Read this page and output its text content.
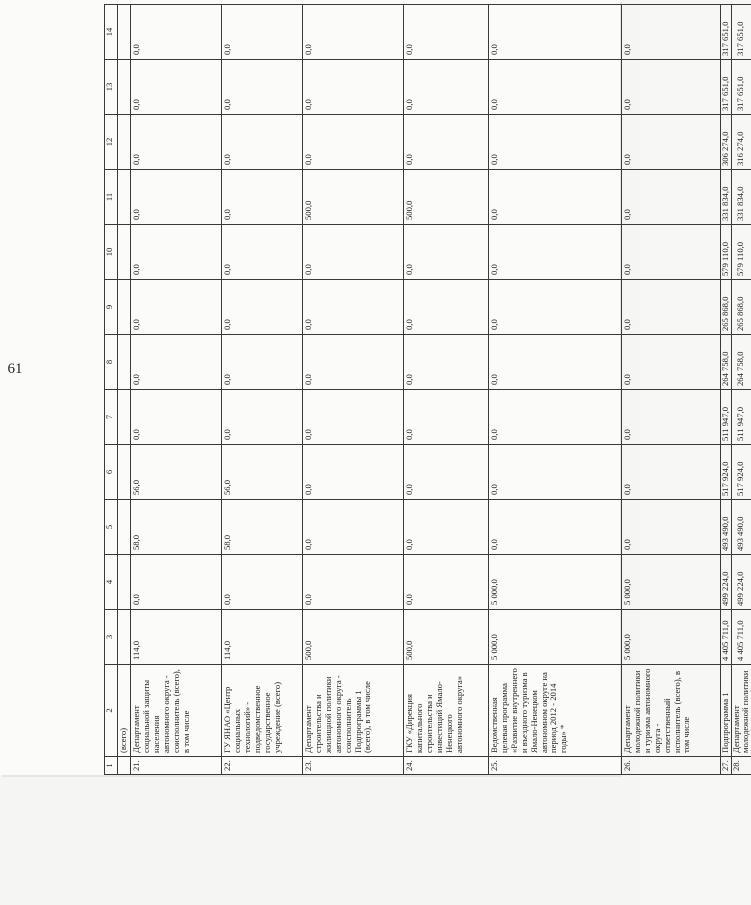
61
1	2	3	4	5	6	7	8	9	10	11	12	13	14
	(всего)												
21.	Департамент социальной защиты населения автономного округа - соисполнитель (всего), в том числе	114,0	0,0	58,0	56,0	0,0	0,0	0,0	0,0	0,0	0,0	0,0	0,0
22.	ГУ ЯНАО «Центр социальных технологий» - подведомственное государственное учреждение (всего)	114,0	0,0	58,0	56,0	0,0	0,0	0,0	0,0	0,0	0,0	0,0	0,0
23.	Департамент строительства и жилищной политики автономного округа - соисполнитель Подпрограммы 1 (всего), в том числе	500,0	0,0	0,0	0,0	0,0	0,0	0,0	0,0	500,0	0,0	0,0	0,0
24.	ГКУ «Дирекция капитального строительства и инвестиций Ямало-Ненецкого автономного округа»	500,0	0,0	0,0	0,0	0,0	0,0	0,0	0,0	500,0	0,0	0,0	0,0
25.	Ведомственная целевая программа «Развитие внутреннего и въездного туризма в Ямало-Ненецком автономном округе на период 2012 - 2014 годы» *	5 000,0	5 000,0	0,0	0,0	0,0	0,0	0,0	0,0	0,0	0,0	0,0	0,0
26.	Департамент молодежной политики и туризма автономного округа - ответственный исполнитель (всего), в том числе	5 000,0	5 000,0	0,0	0,0	0,0	0,0	0,0	0,0	0,0	0,0	0,0	0,0
27.	Подпрограмма 1	4 405 711,0	499 224,0	493 490,0	517 924,0	511 947,0	264 758,0	265 868,0	579 110,0	331 834,0	306 274,0	317 651,0	317 651,0
28.	Департамент молодежной политики	4 405 711,0	499 224,0	493 490,0	517 924,0	511 947,0	264 758,0	265 868,0	579 110,0	331 834,0	316 274,0	317 651,0	317 651,0
